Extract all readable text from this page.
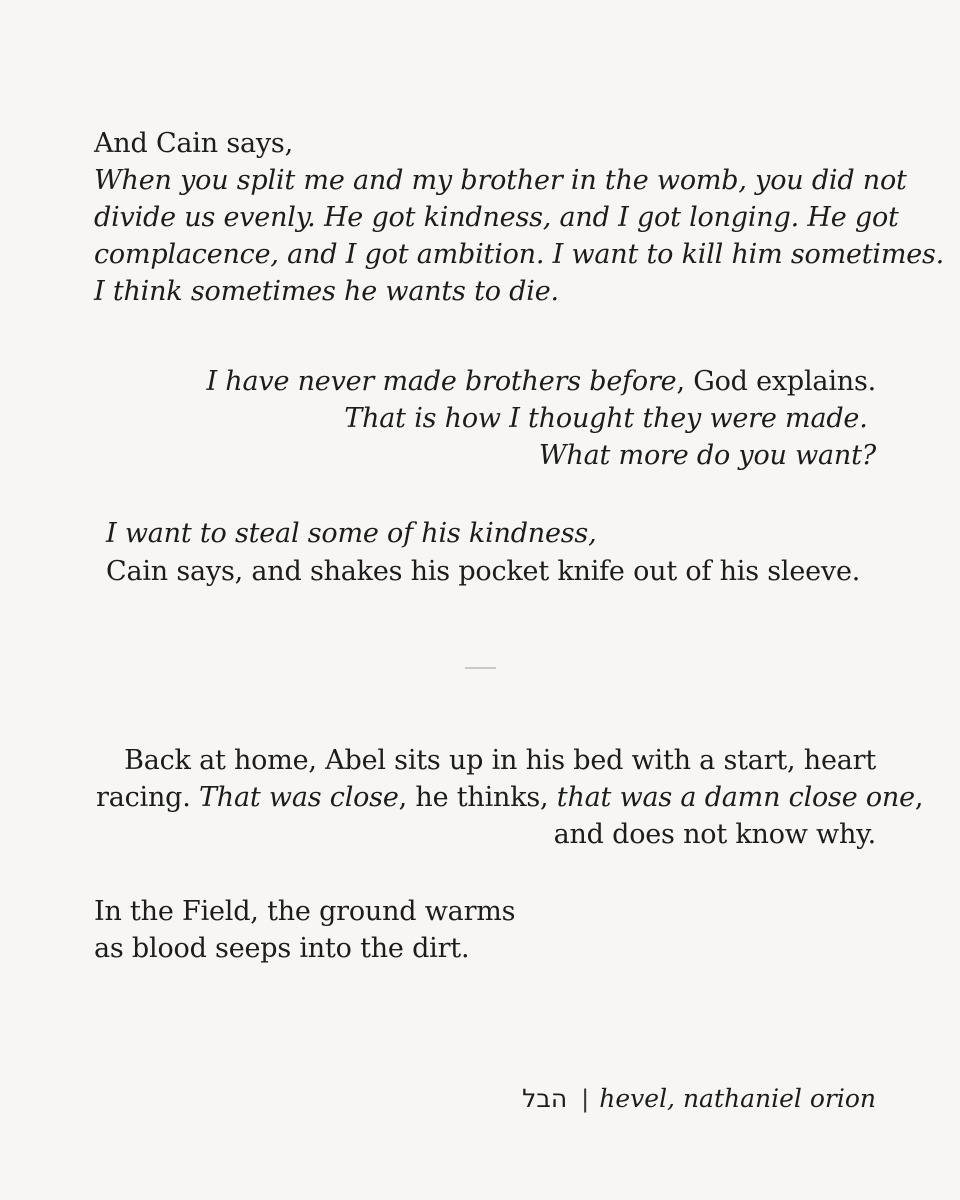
And Cain says,
When you split me and my brother in the womb, you did not
divide us evenly. He got kindness, and I got longing. He got
complacence, and I got ambition. I want to kill him sometimes.
I think sometimes he wants to die.
I have never made brothers before, God explains.
That is how I thought they were made.
What more do you want?
I want to steal some of his kindness,
Cain says, and shakes his pocket knife out of his sleeve.
Back at home, Abel sits up in his bed with a start, heart
racing. That was close, he thinks, that was a damn close one,
and does not know why.
In the Field, the ground warms
as blood seeps into the dirt.
הבל | hevel, nathaniel orion
